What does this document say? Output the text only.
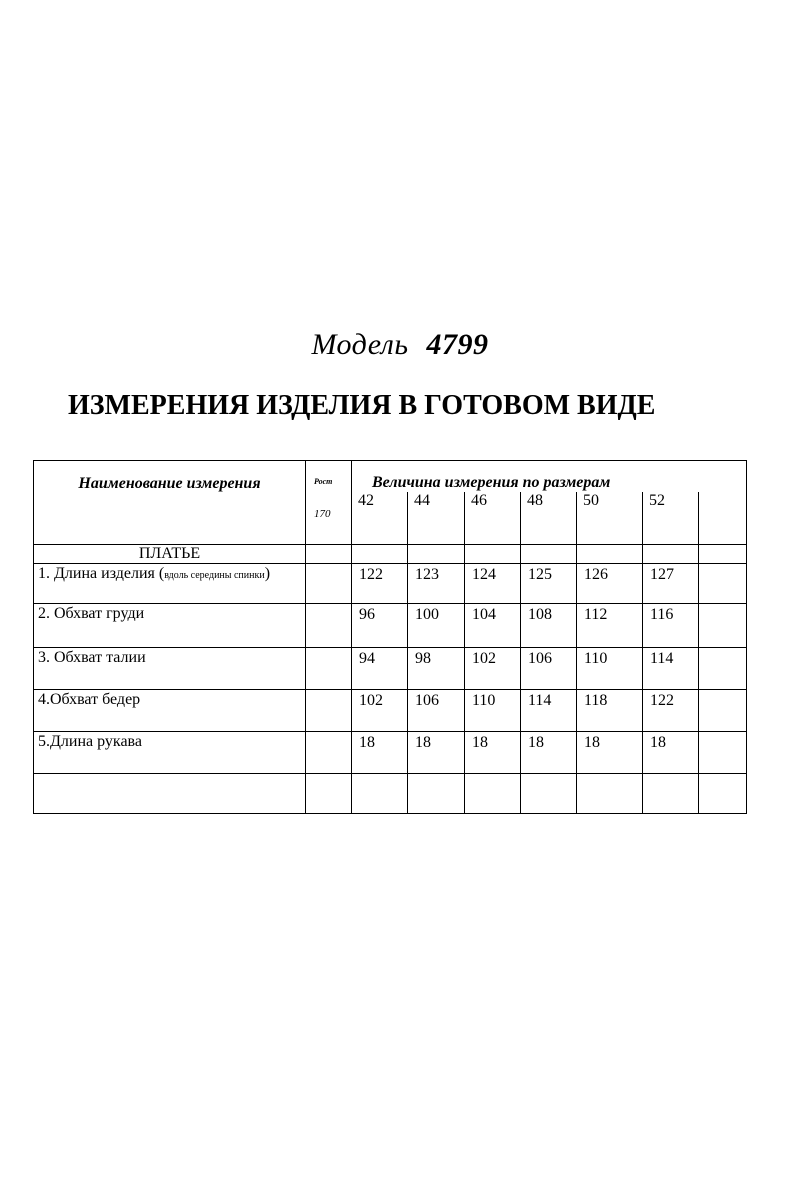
Модель 4799
ИЗМЕРЕНИЯ ИЗДЕЛИЯ В ГОТОВОМ ВИДЕ
Наименование измерения	Рост
170	Величина измерения по размерам						
		42	44	46	48	50	52	
ПЛАТЬЕ								
1. Длина изделия (вдоль середины спинки)		122	123	124	125	126	127	
2. Обхват груди		96	100	104	108	112	116	
3. Обхват талии		94	98	102	106	110	114	
4.Обхват бедер		102	106	110	114	118	122	
5.Длина рукава		18	18	18	18	18	18	
